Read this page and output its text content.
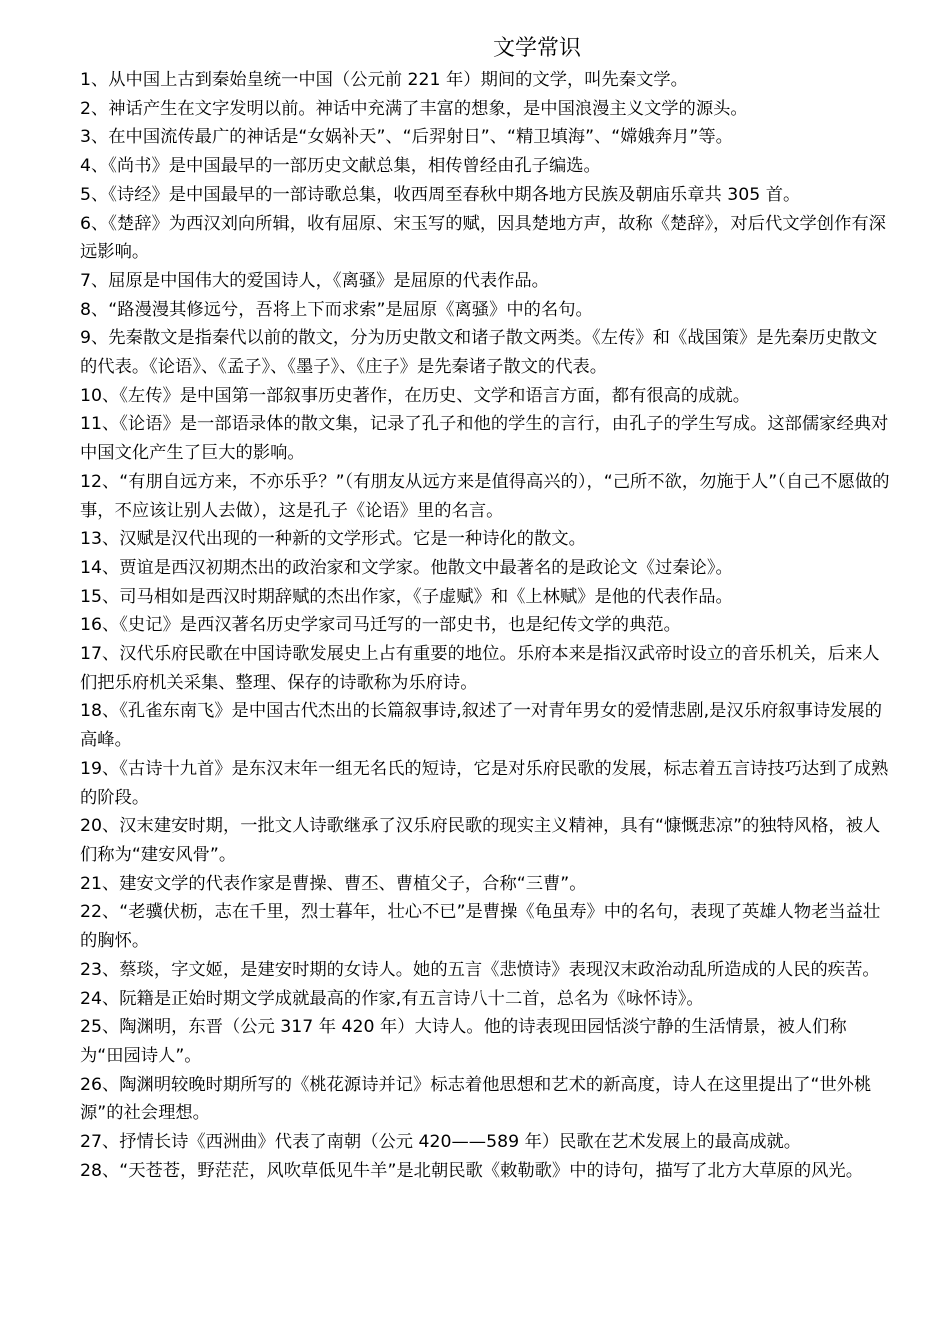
文学常识
1、从中国上古到秦始皇统一中国（公元前 221 年）期间的文学，叫先秦文学。
2、神话产生在文字发明以前。神话中充满了丰富的想象，是中国浪漫主义文学的源头。
3、在中国流传最广的神话是“女娲补天”、“后羿射日”、“精卫填海”、“嫦娥奔月”等。
4、《尚书》是中国最早的一部历史文献总集，相传曾经由孔子编选。
5、《诗经》是中国最早的一部诗歌总集，收西周至春秋中期各地方民族及朝庙乐章共 305 首。
6、《楚辞》为西汉刘向所辑，收有屈原、宋玉写的赋，因具楚地方声，故称《楚辞》，对后代文学创作有深远影响。
7、屈原是中国伟大的爱国诗人，《离骚》是屈原的代表作品。
8、“路漫漫其修远兮，吾将上下而求索”是屈原《离骚》中的名句。
9、先秦散文是指秦代以前的散文，分为历史散文和诸子散文两类。《左传》和《战国策》是先秦历史散文的代表。《论语》、《孟子》、《墨子》、《庄子》是先秦诸子散文的代表。
10、《左传》是中国第一部叙事历史著作，在历史、文学和语言方面，都有很高的成就。
11、《论语》是一部语录体的散文集，记录了孔子和他的学生的言行，由孔子的学生写成。这部儒家经典对中国文化产生了巨大的影响。
12、“有朋自远方来，不亦乐乎？”（有朋友从远方来是值得高兴的），“己所不欲，勿施于人”（自己不愿做的事，不应该让别人去做），这是孔子《论语》里的名言。
13、汉赋是汉代出现的一种新的文学形式。它是一种诗化的散文。
14、贾谊是西汉初期杰出的政治家和文学家。他散文中最著名的是政论文《过秦论》。
15、司马相如是西汉时期辞赋的杰出作家，《子虚赋》和《上林赋》是他的代表作品。
16、《史记》是西汉著名历史学家司马迁写的一部史书，也是纪传文学的典范。
17、汉代乐府民歌在中国诗歌发展史上占有重要的地位。乐府本来是指汉武帝时设立的音乐机关，后来人们把乐府机关采集、整理、保存的诗歌称为乐府诗。
18、《孔雀东南飞》是中国古代杰出的长篇叙事诗,叙述了一对青年男女的爱情悲剧,是汉乐府叙事诗发展的高峰。
19、《古诗十九首》是东汉末年一组无名氏的短诗，它是对乐府民歌的发展，标志着五言诗技巧达到了成熟的阶段。
20、汉末建安时期，一批文人诗歌继承了汉乐府民歌的现实主义精神，具有“慷慨悲凉”的独特风格，被人们称为“建安风骨”。
21、建安文学的代表作家是曹操、曹丕、曹植父子，合称“三曹”。
22、“老骥伏枥，志在千里，烈士暮年，壮心不已”是曹操《龟虽寿》中的名句，表现了英雄人物老当益壮的胸怀。
23、蔡琰，字文姬，是建安时期的女诗人。她的五言《悲愤诗》表现汉末政治动乱所造成的人民的疾苦。
24、阮籍是正始时期文学成就最高的作家,有五言诗八十二首，总名为《咏怀诗》。
25、陶渊明，东晋（公元 317 年 420 年）大诗人。他的诗表现田园恬淡宁静的生活情景，被人们称为“田园诗人”。
26、陶渊明较晚时期所写的《桃花源诗并记》标志着他思想和艺术的新高度，诗人在这里提出了“世外桃源”的社会理想。
27、抒情长诗《西洲曲》代表了南朝（公元 420——589 年）民歌在艺术发展上的最高成就。
28、“天苍苍，野茫茫，风吹草低见牛羊”是北朝民歌《敕勒歌》中的诗句，描写了北方大草原的风光。
